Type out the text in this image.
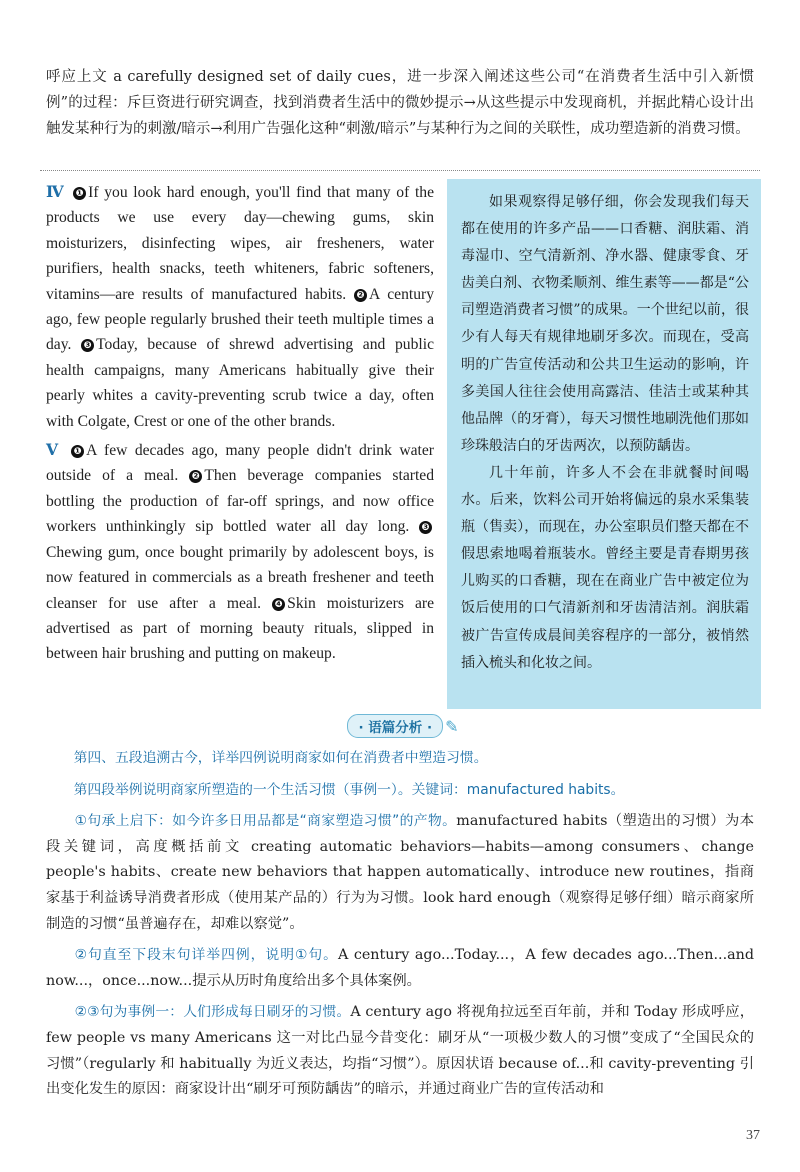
呼应上文 a carefully designed set of daily cues，进一步深入阐述这些公司“在消费者生活中引入新惯例”的过程：斥巨资进行研究调查，找到消费者生活中的微妙提示→从这些提示中发现商机，并据此精心设计出触发某种行为的刺激/暗示→利用广告强化这种“刺激/暗示”与某种行为之间的关联性，成功塑造新的消费习惯。

Ⅳ ❶ If you look hard enough, you'll find that many of the products we use every day—chewing gums, skin moisturizers, disinfecting wipes, air fresheners, water purifiers, health snacks, teeth whiteners, fabric softeners, vitamins—are results of manufactured habits. ❷ A century ago, few people regularly brushed their teeth multiple times a day. ❸ Today, because of shrewd advertising and public health campaigns, many Americans habitually give their pearly whites a cavity-preventing scrub twice a day, often with Colgate, Crest or one of the other brands.

Ⅴ ❶ A few decades ago, many people didn't drink water outside of a meal. ❷ Then beverage companies started bottling the production of far-off springs, and now office workers unthinkingly sip bottled water all day long. ❸Chewing gum, once bought primarily by adolescent boys, is now featured in commercials as a breath freshener and teeth cleanser for use after a meal. ❹ Skin moisturizers are advertised as part of morning beauty rituals, slipped in between hair brushing and putting on makeup.

如果观察得足够仔细，你会发现我们每天都在使用的许多产品——口香糖、润肤霜、消毒湿巾、空气清新剂、净水器、健康零食、牙齿美白剂、衣物柔顺剂、维生素等——都是“公司塑造消费者习惯”的成果。一个世纪以前，很少有人每天有规律地刷牙多次。而现在，受高明的广告宣传活动和公共卫生运动的影响，许多美国人往往会使用高露洁、佳洁士或某种其他品牌（的牙膏），每天习惯性地刷洗他们那如珍珠般洁白的牙齿两次，以预防龋齿。

几十年前，许多人不会在非就餐时间喝水。后来，饮料公司开始将偏远的泉水采集装瓶（售卖），而现在，办公室职员们整天都在不假思索地喝着瓶装水。曾经主要是青春期男孩儿购买的口香糖，现在在商业广告中被定位为饭后使用的口气清新剂和牙齿清洁剂。润肤霜被广告宣传成晨间美容程序的一部分，被悄然插入梳头和化妆之间。

· 语篇分析 · ✎

第四、五段追溯古今，详举四例说明商家如何在消费者中塑造习惯。

第四段举例说明商家所塑造的一个生活习惯（事例一）。关键词：manufactured habits。

①句承上启下：如今许多日用品都是“商家塑造习惯”的产物。manufactured habits（塑造出的习惯）为本段关键词，高度概括前文 creating automatic behaviors—habits—among consumers、change people's habits、create new behaviors that happen automatically、introduce new routines，指商家基于利益诱导消费者形成（使用某产品的）行为为习惯。look hard enough（观察得足够仔细）暗示商家所制造的习惯“虽普遍存在，却难以察觉”。

②句直至下段末句详举四例，说明①句。A century ago...Today...，A few decades ago...Then...and now...，once...now...提示从历时角度给出多个具体案例。

②③句为事例一：人们形成每日刷牙的习惯。A century ago 将视角拉远至百年前，并和 Today 形成呼应，few people vs many Americans 这一对比凸显今昔变化：刷牙从“一项极少数人的习惯”变成了“全国民众的习惯”（regularly 和 habitually 为近义表达，均指“习惯”）。原因状语 because of...和 cavity-preventing 引出变化发生的原因：商家设计出“刷牙可预防龋齿”的暗示，并通过商业广告的宣传活动和

37
